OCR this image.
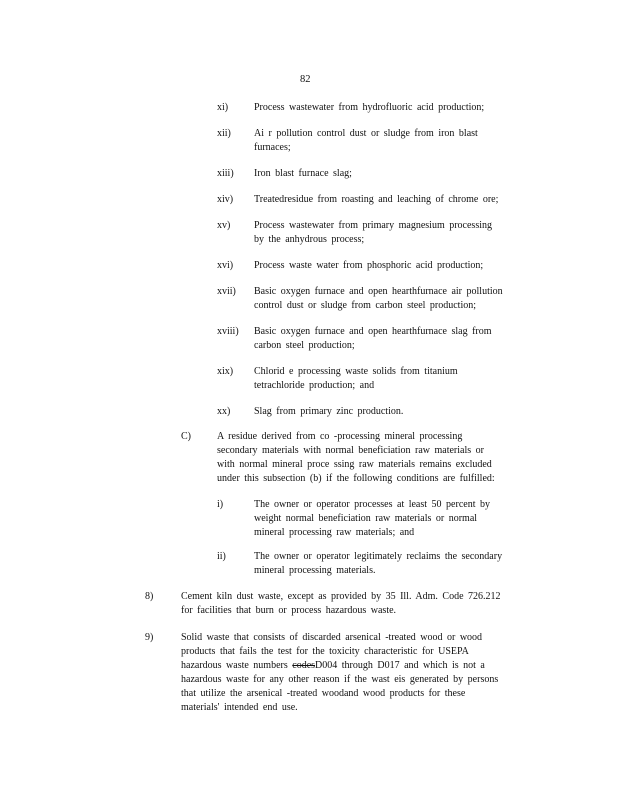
82
xi)	Process wastewater from hydrofluoric acid production;
xii) Ai r pollution control dust or sludge from iron blast
furnaces;
xiii) Iron blast furnace slag;
xiv) Treatedresidue from roasting and leaching of chrome ore;
xv) Process wastewater from primary magnesium processing
by the anhydrous process;
xvi) Process waste water from phosphoric acid production;
xvii) Basic oxygen furnace and open hearthfurnace air pollution
control dust or sludge from carbon steel production;
xviii) Basic oxygen furnace and open hearthfurnace slag from
carbon steel production;
xix) Chlorid e processing waste solids from titanium
tetrachloride production; and
xx) Slag from primary zinc production.
C)	A residue derived from co -processing mineral processing
secondary materials with normal beneficiation raw materials or
with normal mineral proce ssing raw materials remains excluded
under this subsection (b) if the following conditions are fulfilled:
i)	The owner or operator processes at least 50 percent by
weight normal beneficiation raw materials or normal
mineral processing raw materials; and
ii)	The owner or operator legitimately reclaims the secondary
mineral processing materials.
8)	Cement kiln dust waste, except as provided by 35 Ill. Adm. Code 726.212
for facilities that burn or process hazardous waste.
9)	Solid waste that consists of discarded arsenical -treated wood or wood
products that fails the test for the toxicity characteristic for USEPA
hazardous waste numbers codesD004 through D017 and which is not a
hazardous waste for any other reason if the wast eis generated by persons
that utilize the arsenical -treated woodand wood products for these
materials' intended end use.
